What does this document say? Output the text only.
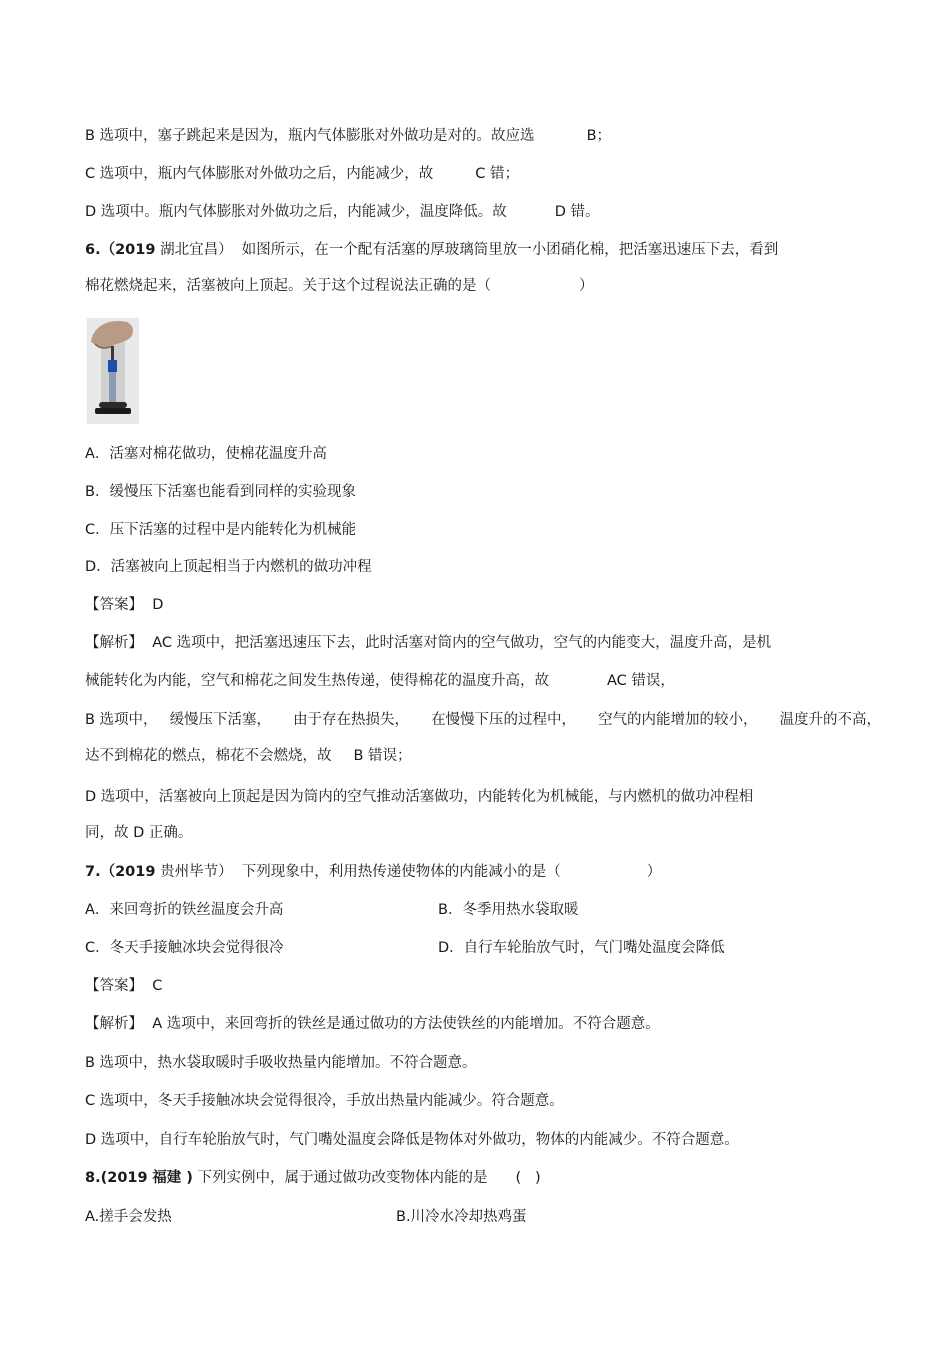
B 选项中，塞子跳起来是因为，瓶内气体膨胀对外做功是对的。故应选	B；
C 选项中，瓶内气体膨胀对外做功之后，内能减少，故	C 错；
D 选项中。瓶内气体膨胀对外做功之后，内能减少，温度降低。故	D 错。
6.（2019 湖北宜昌） 如图所示，在一个配有活塞的厚玻璃筒里放一小团硝化棉，把活塞迅速压下去，看到
棉花燃烧起来，活塞被向上顶起。关于这个过程说法正确的是（	）
A．活塞对棉花做功，使棉花温度升高
B．缓慢压下活塞也能看到同样的实验现象
C．压下活塞的过程中是内能转化为机械能
D．活塞被向上顶起相当于内燃机的做功冲程
【答案】 D
【解析】 AC 选项中，把活塞迅速压下去，此时活塞对筒内的空气做功，空气的内能变大，温度升高，是机
械能转化为内能，空气和棉花之间发生热传递，使得棉花的温度升高，故	AC 错误，
B 选项中， 缓慢压下活塞， 由于存在热损失， 在慢慢下压的过程中， 空气的内能增加的较小， 温度升的不高，
达不到棉花的燃点，棉花不会燃烧，故 B 错误；
D 选项中，活塞被向上顶起是因为筒内的空气推动活塞做功，内能转化为机械能，与内燃机的做功冲程相
同，故 D 正确。
7.（2019 贵州毕节） 下列现象中，利用热传递使物体的内能减小的是（	）
A．来回弯折的铁丝温度会升高	B．冬季用热水袋取暖
C．冬天手接触冰块会觉得很冷	D．自行车轮胎放气时，气门嘴处温度会降低
【答案】 C
【解析】 A 选项中，来回弯折的铁丝是通过做功的方法使铁丝的内能增加。不符合题意。
B 选项中，热水袋取暖时手吸收热量内能增加。不符合题意。
C 选项中，冬天手接触冰块会觉得很冷，手放出热量内能减少。符合题意。
D 选项中，自行车轮胎放气时，气门嘴处温度会降低是物体对外做功，物体的内能减少。不符合题意。
8.(2019 福建 ) 下列实例中，属于通过做功改变物体内能的是 (   )
A.搓手会发热	B.川冷水冷却热鸡蛋
